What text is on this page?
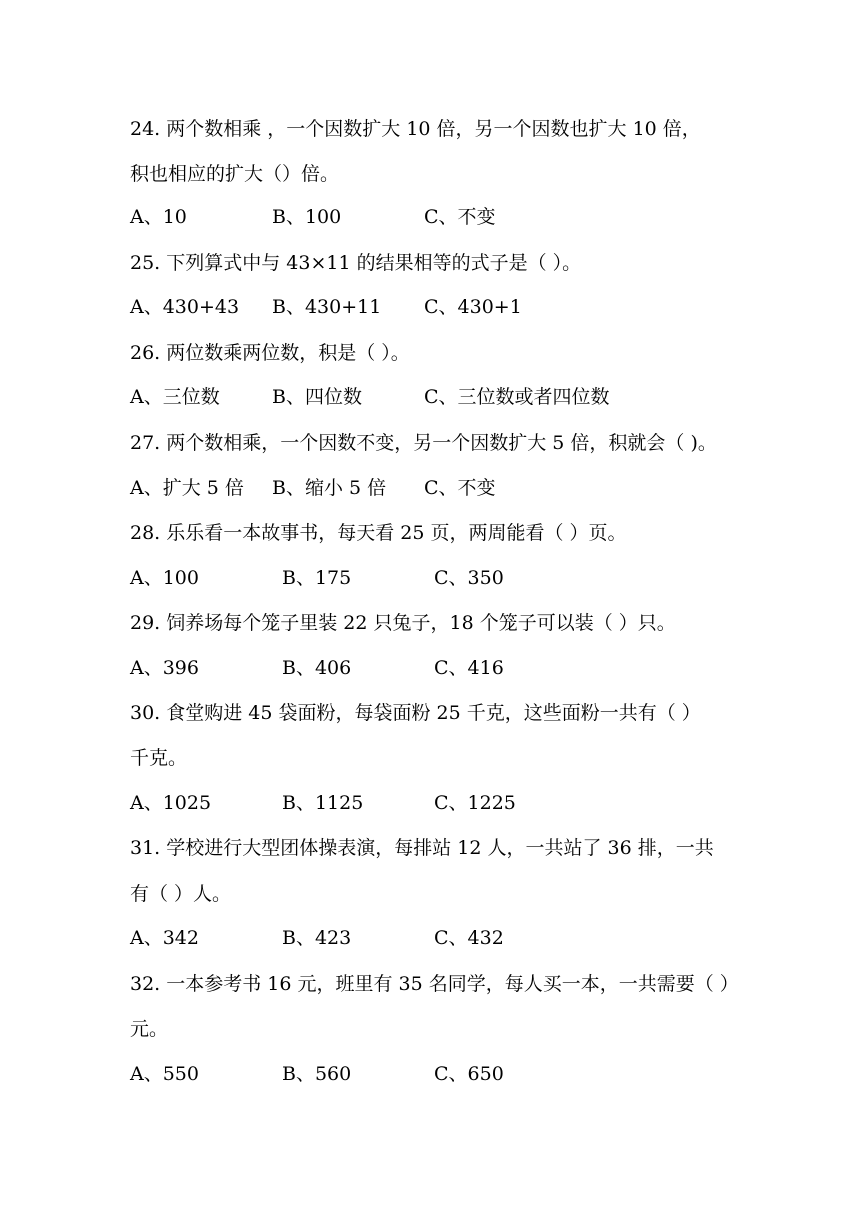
24. 两个数相乘 ，一个因数扩大 10 倍，另一个因数也扩大 10 倍，
积也相应的扩大（）倍。
A、10	B、100	C、不变
25. 下列算式中与 43×11 的结果相等的式子是（ ）。
A、430+43 B、430+11 C、430+1
26. 两位数乘两位数，积是（ ）。
A、三位数	B、四位数	C、三位数或者四位数
27. 两个数相乘，一个因数不变，另一个因数扩大 5 倍，积就会（ )。
A、扩大 5 倍 B、缩小 5 倍 C、不变
28. 乐乐看一本故事书，每天看 25 页，两周能看（ ）页。
A、100	B、175	C、350
29. 饲养场每个笼子里装 22 只兔子，18 个笼子可以装（ ）只。
A、396	B、406	C、416
30. 食堂购进 45 袋面粉，每袋面粉 25 千克，这些面粉一共有（ ）
千克。
A、1025	B、1125	C、1225
31. 学校进行大型团体操表演，每排站 12 人，一共站了 36 排，一共
有（ ）人。
A、342	B、423	C、432
32. 一本参考书 16 元，班里有 35 名同学，每人买一本，一共需要（ ）
元。
A、550	B、560	C、650
